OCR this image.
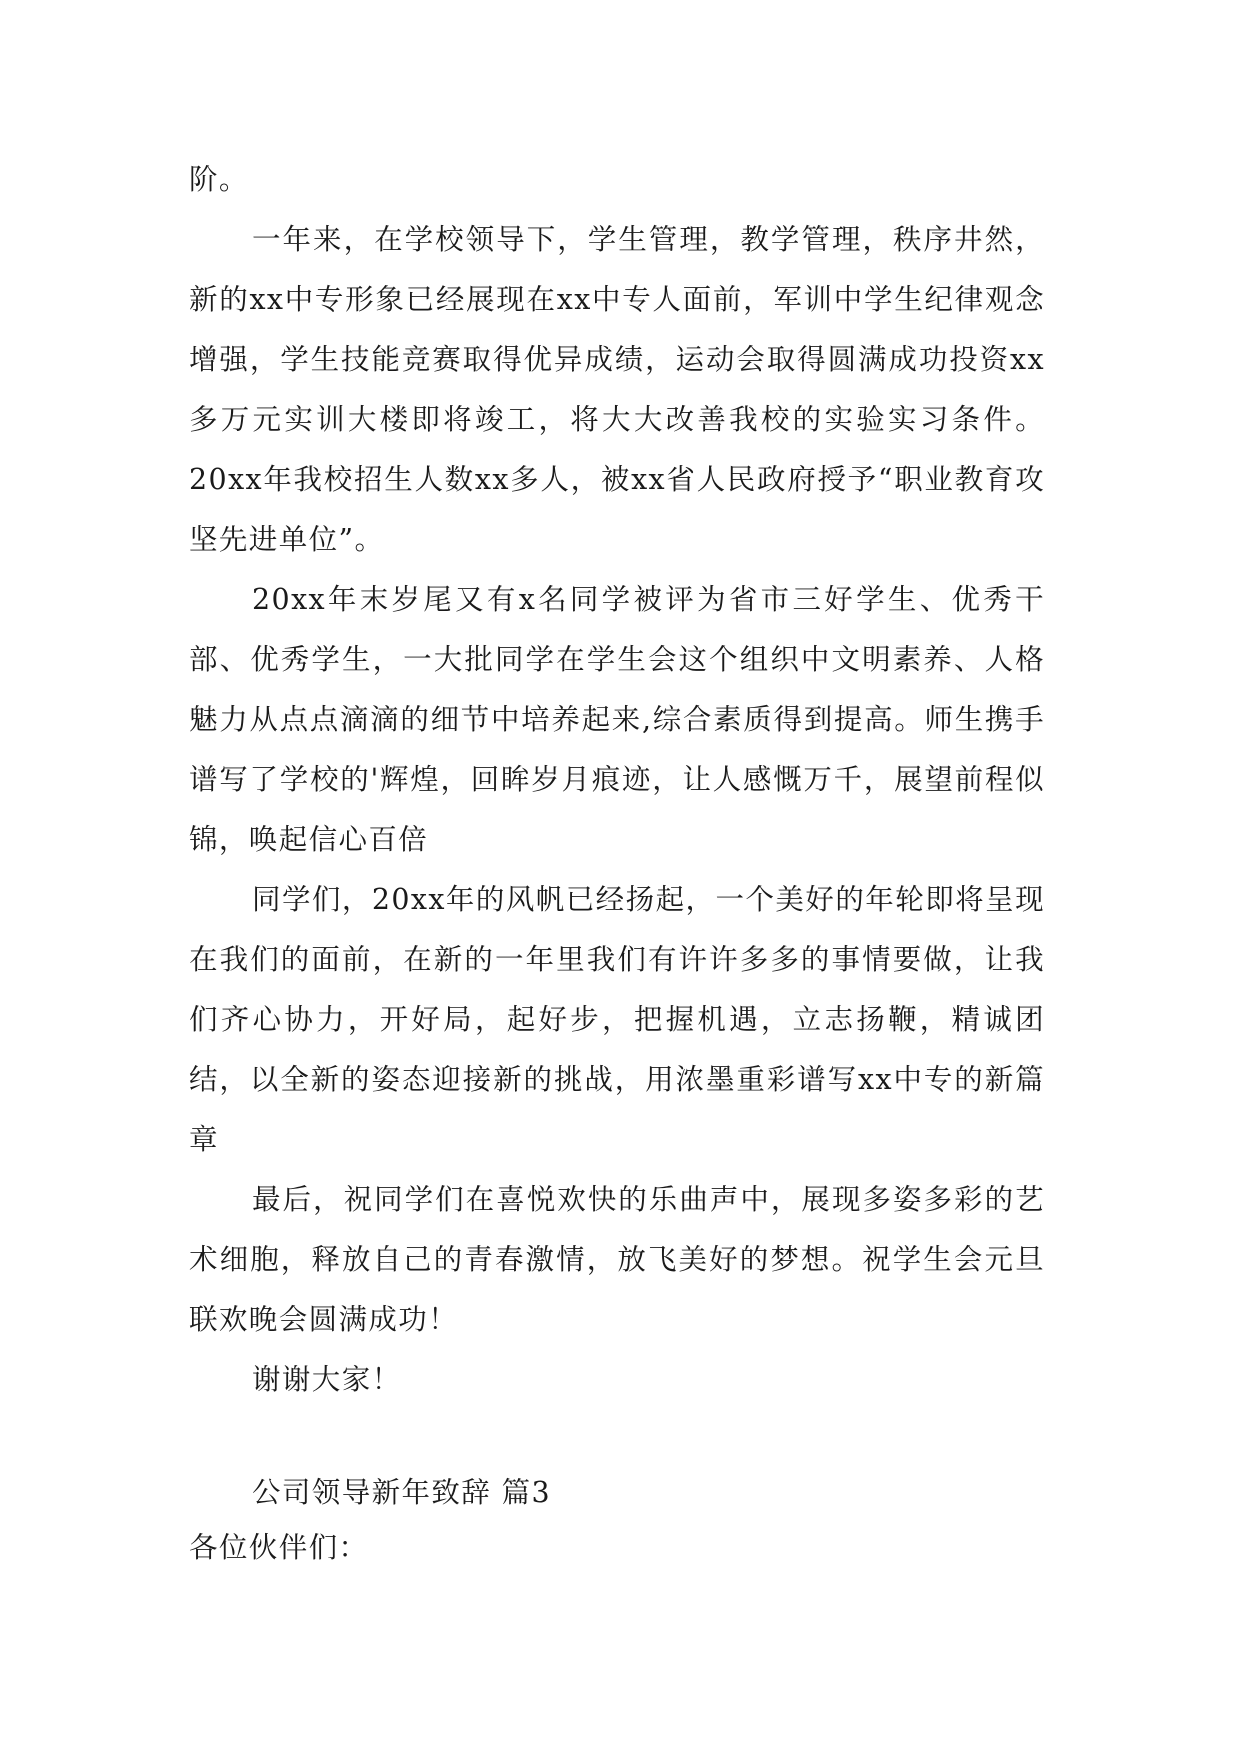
阶。

一年来，在学校领导下，学生管理，教学管理，秩序井然，新的xx中专形象已经展现在xx中专人面前，军训中学生纪律观念增强，学生技能竞赛取得优异成绩，运动会取得圆满成功投资xx多万元实训大楼即将竣工，将大大改善我校的实验实习条件。20xx年我校招生人数xx多人，被xx省人民政府授予“职业教育攻坚先进单位”。

20xx年末岁尾又有x名同学被评为省市三好学生、优秀干部、优秀学生，一大批同学在学生会这个组织中文明素养、人格魅力从点点滴滴的细节中培养起来,综合素质得到提高。师生携手谱写了学校的'辉煌，回眸岁月痕迹，让人感慨万千，展望前程似锦，唤起信心百倍

同学们，20xx年的风帆已经扬起，一个美好的年轮即将呈现在我们的面前，在新的一年里我们有许许多多的事情要做，让我们齐心协力，开好局，起好步，把握机遇，立志扬鞭，精诚团结，以全新的姿态迎接新的挑战，用浓墨重彩谱写xx中专的新篇章

最后，祝同学们在喜悦欢快的乐曲声中，展现多姿多彩的艺术细胞，释放自己的青春激情，放飞美好的梦想。祝学生会元旦联欢晚会圆满成功！

谢谢大家！

公司领导新年致辞 篇3

各位伙伴们：
